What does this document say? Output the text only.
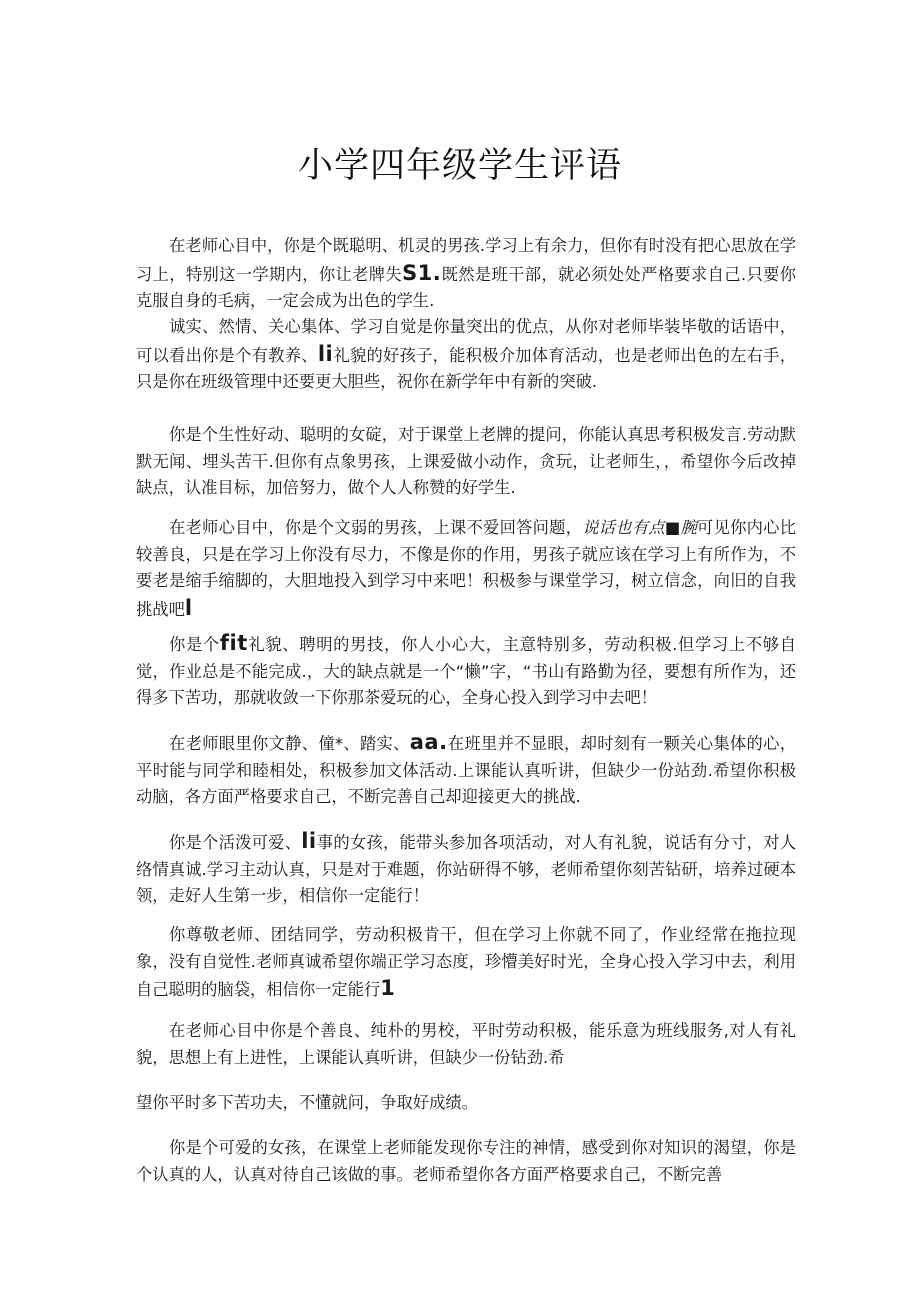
小学四年级学生评语

在老师心目中，你是个既聪明、机灵的男孩.学习上有余力，但你有时没有把心思放在学习上，特别这一学期内，你让老牌失S1.既然是班干部，就必须处处严格要求自己.只要你克服自身的毛病，一定会成为出色的学生.

诚实、然情、关心集体、学习自觉是你量突出的优点，从你对老师毕装毕敬的话语中，可以看出你是个有教养、li礼貌的好孩子，能积极介加体育活动，也是老师出色的左右手，只是你在班级管理中还要更大胆些，祝你在新学年中有新的突破.

你是个生性好动、聪明的女碇，对于课堂上老牌的提问，你能认真思考积极发言.劳动默默无闻、埋头苦干.但你有点象男孩，上课爱做小动作，贪玩，让老师生，，希望你今后改掉缺点，认准目标，加倍努力，做个人人称赞的好学生.

在老师心目中，你是个文弱的男孩，上课不爱回答问题，说话也有点■腕可见你内心比较善良，只是在学习上你没有尽力，不像是你的作用，男孩子就应该在学习上有所作为，不要老是缩手缩脚的，大胆地投入到学习中来吧！积极参与课堂学习，树立信念，向旧的自我挑战吧l

你是个fit礼貌、聘明的男技，你人小心大，主意特别多，劳动积极.但学习上不够自觉，作业总是不能完成.，大的缺点就是一个“懒”字，“书山有路勤为径，要想有所作为，还得多下苦功，那就收敛一下你那茶爱玩的心，全身心投入到学习中去吧！

在老师眼里你文静、僮*、踏实、aa.在班里并不显眼，却时刻有一颗关心集体的心，平时能与同学和睦相处，积极参加文体活动.上课能认真听讲，但缺少一份站劲.希望你积极动脑，各方面严格要求自己，不断完善自己却迎接更大的挑战.

你是个活泼可爱、li事的女孩，能带头参加各项活动，对人有礼貌，说话有分寸，对人络情真诚.学习主动认真，只是对于难题，你站研得不够，老师希望你刻苦钻研，培养过硬本领，走好人生第一步，相信你一定能行！

你尊敬老师、团结同学，劳动积极肯干，但在学习上你就不同了，作业经常在拖拉现象，没有自觉性.老师真诚希望你端正学习态度，珍懵美好时光，全身心投入学习中去，利用自己聪明的脑袋，相信你一定能行1

在老师心目中你是个善良、纯朴的男校，平时劳动积极，能乐意为班线服务,对人有礼貌，思想上有上进性，上课能认真听讲，但缺少一份钻劲.希

望你平时多下苦功夫，不懂就问，争取好成绩。

你是个可爱的女孩，在课堂上老师能发现你专注的神情，感受到你对知识的渴望，你是个认真的人，认真对待自己该做的事。老师希望你各方面严格要求自己，不断完善
